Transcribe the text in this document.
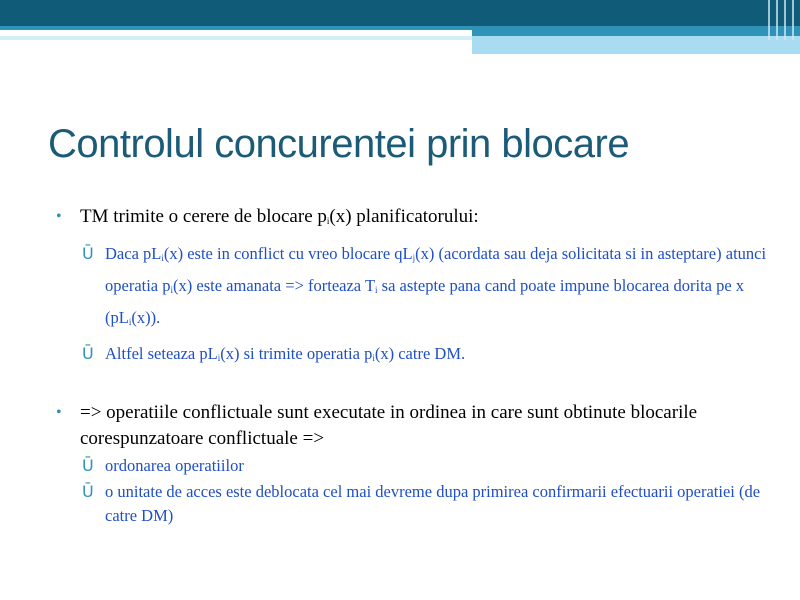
Controlul concurentei prin blocare
• TM trimite o cerere de blocare $p_i(x)$ planificatorului:
Ū Daca $pL_i(x)$ este in conflict cu vreo blocare $qL_j(x)$ (acordata sau deja solicitata si in asteptare) atunci operatia $p_i(x)$ este amanata => forteaza $T_i$ sa astepte pana cand poate impune blocarea dorita pe x $(pL_i(x))$.
Ū Altfel seteaza $pL_i(x)$ si trimite operatia $p_i(x)$ catre DM.
• => operatiile conflictuale sunt executate in ordinea in care sunt obtinute blocarile corespunzatoare conflictuale =>
Ū ordonarea operatiilor
Ū o unitate de acces este deblocata cel mai devreme dupa primirea confirmarii efectuarii operatiei (de catre DM)
